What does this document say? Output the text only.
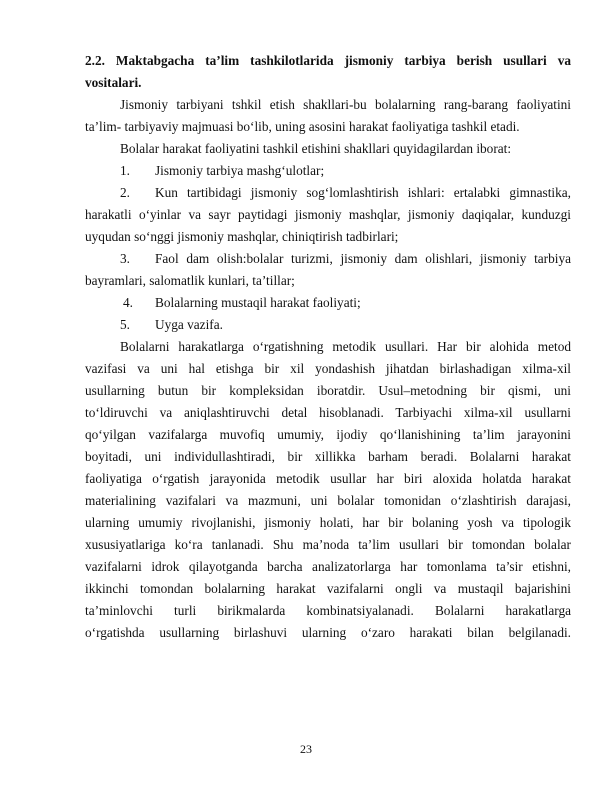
2.2. Maktabgacha ta’lim tashkilotlarida jismoniy tarbiya berish usullari va
vositalari.
Jismoniy tarbiyani tshkil etish shakllari-bu bolalarning rang-barang faoliyatini
ta’lim- tarbiyaviy majmuasi bo‘lib, uning asosini harakat faoliyatiga tashkil etadi.
Bolalar harakat faoliyatini tashkil etishini shakllari quyidagilardan iborat:
1.	Jismoniy tarbiya mashg‘ulotlar;
2.	Kun tartibidagi jismoniy sog‘lomlashtirish ishlari: ertalabki gimnastika,
harakatli o‘yinlar va sayr paytidagi jismoniy mashqlar, jismoniy daqiqalar, kunduzgi
uyqudan so‘nggi jismoniy mashqlar, chiniqtirish tadbirlari;
3.	Faol dam olish:bolalar turizmi, jismoniy dam olishlari, jismoniy tarbiya
bayramlari, salomatlik kunlari, ta’tillar;
4.	Bolalarning mustaqil harakat faoliyati;
5.	Uyga vazifa.
Bolalarni harakatlarga o‘rgatishning metodik usullari. Har bir alohida metod
vazifasi va uni hal etishga bir xil yondashish jihatdan birlashadigan xilma-xil
usullarning butun bir kompleksidan iboratdir. Usul–metodning bir qismi, uni
to‘ldiruvchi va aniqlashtiruvchi detal hisoblanadi. Tarbiyachi xilma-xil usullarni
qo‘yilgan vazifalarga muvofiq umumiy, ijodiy qo‘llanishining ta’lim jarayonini
boyitadi, uni individullashtiradi, bir xillikka barham beradi. Bolalarni harakat
faoliyatiga o‘rgatish jarayonida metodik usullar har biri aloxida holatda harakat
materialining vazifalari va mazmuni, uni bolalar tomonidan o‘zlashtirish darajasi,
ularning umumiy rivojlanishi, jismoniy holati, har bir bolaning yosh va tipologik
xususiyatlariga ko‘ra tanlanadi. Shu ma’noda ta’lim usullari bir tomondan bolalar
vazifalarni idrok qilayotganda barcha analizatorlarga har tomonlama ta’sir etishni,
ikkinchi tomondan bolalarning harakat vazifalarni ongli va mustaqil bajarishini
ta’minlovchi turli birikmalarda kombinatsiyalanadi. Bolalarni harakatlarga
o‘rgatishda usullarning birlashuvi ularning o‘zaro harakati bilan belgilanadi.
23
